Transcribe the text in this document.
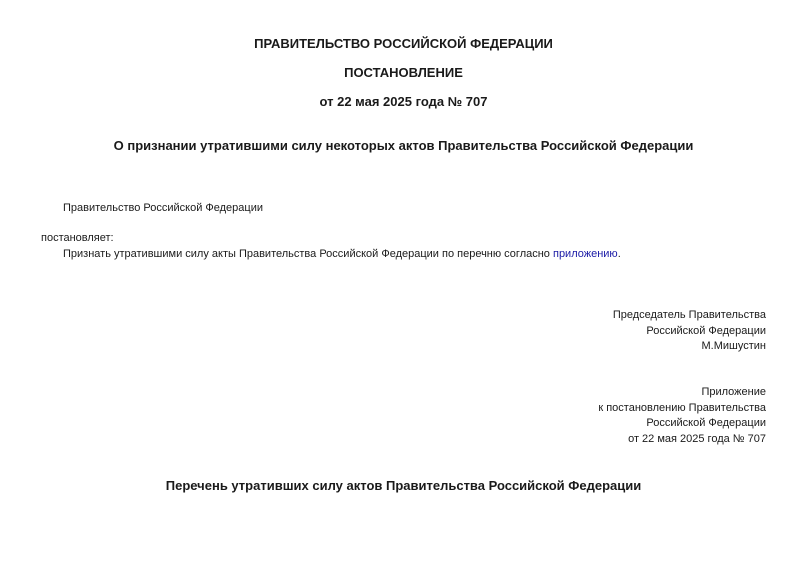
ПРАВИТЕЛЬСТВО РОССИЙСКОЙ ФЕДЕРАЦИИ
ПОСТАНОВЛЕНИЕ
от 22 мая 2025 года № 707
О признании утратившими силу некоторых актов Правительства Российской Федерации
Правительство Российской Федерации
постановляет:
Признать утратившими силу акты Правительства Российской Федерации по перечню согласно приложению.
Председатель Правительства
Российской Федерации
М.Мишустин
Приложение
к постановлению Правительства
Российской Федерации
от 22 мая 2025 года № 707
Перечень утративших силу актов Правительства Российской Федерации
